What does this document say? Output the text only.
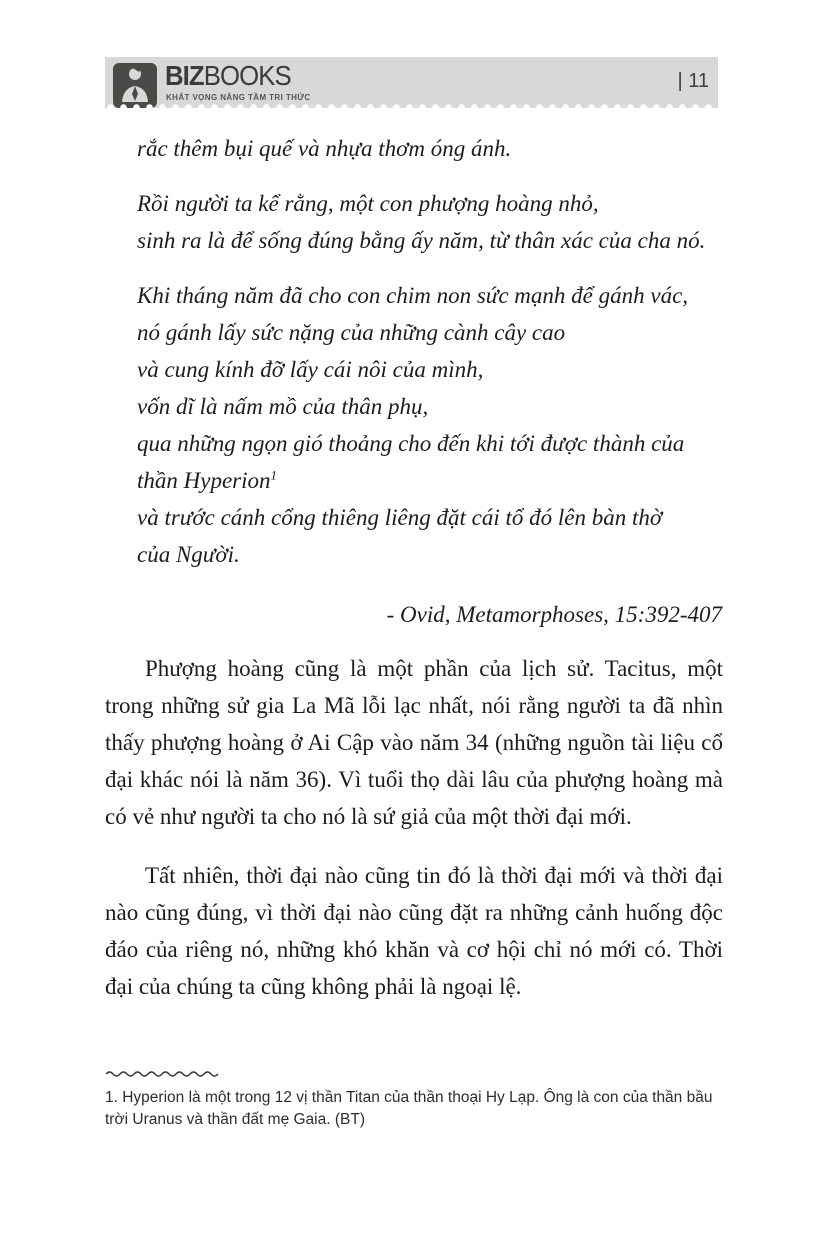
BIZBOOKS
KHÁT VỌNG NÂNG TẦM TRI THỨC
| 11
rắc thêm bụi quế và nhựa thơm óng ánh.
Rồi người ta kể rằng, một con phượng hoàng nhỏ,
sinh ra là để sống đúng bằng ấy năm, từ thân xác của cha nó.
Khi tháng năm đã cho con chim non sức mạnh để gánh vác,
nó gánh lấy sức nặng của những cành cây cao
và cung kính đỡ lấy cái nôi của mình,
vốn dĩ là nấm mồ của thân phụ,
qua những ngọn gió thoảng cho đến khi tới được thành của
thần Hyperion$^1$
và trước cánh cổng thiêng liêng đặt cái tổ đó lên bàn thờ
của Người.
- Ovid, Metamorphoses, 15:392-407

Phượng hoàng cũng là một phần của lịch sử. Tacitus, một trong những sử gia La Mã lỗi lạc nhất, nói rằng người ta đã nhìn thấy phượng hoàng ở Ai Cập vào năm 34 (những nguồn tài liệu cổ đại khác nói là năm 36). Vì tuổi thọ dài lâu của phượng hoàng mà có vẻ như người ta cho nó là sứ giả của một thời đại mới.

Tất nhiên, thời đại nào cũng tin đó là thời đại mới và thời đại nào cũng đúng, vì thời đại nào cũng đặt ra những cảnh huống độc đáo của riêng nó, những khó khăn và cơ hội chỉ nó mới có. Thời đại của chúng ta cũng không phải là ngoại lệ.

1. Hyperion là một trong 12 vị thần Titan của thần thoại Hy Lạp. Ông là con của thần bầu trời Uranus và thần đất mẹ Gaia. (BT)
